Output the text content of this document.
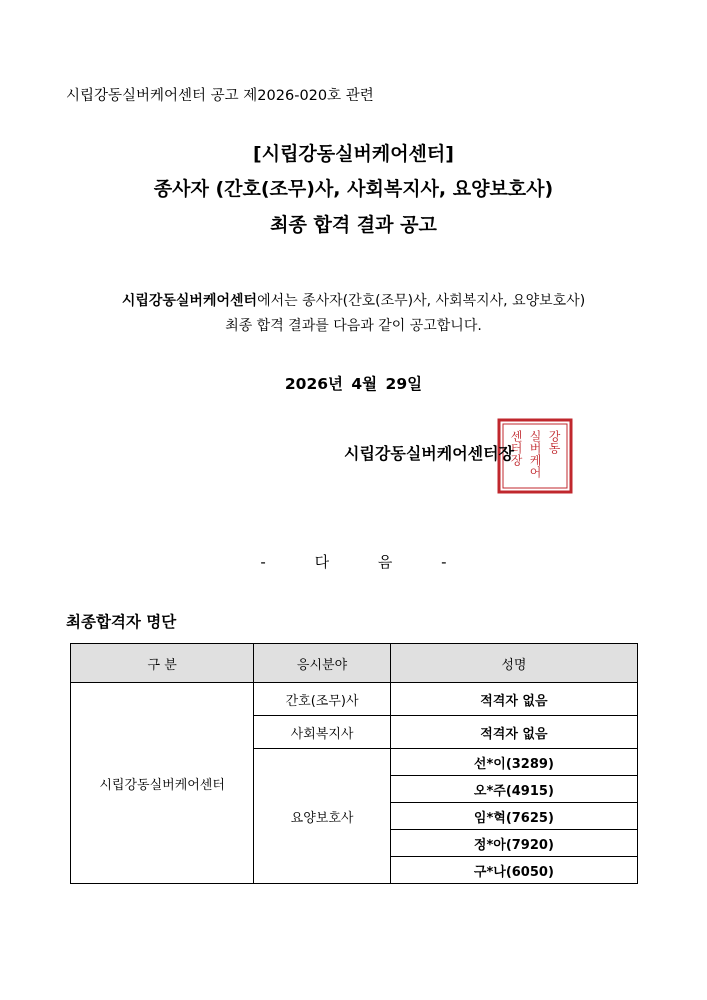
시립강동실버케어센터 공고 제2026-020호 관련
[시립강동실버케어센터]
종사자 (간호(조무)사, 사회복지사, 요양보호사)
최종 합격 결과 공고
시립강동실버케어센터에서는 종사자(간호(조무)사, 사회복지사, 요양보호사)
최종 합격 결과를 다음과 같이 공고합니다.
2026년 4월 29일
센터장 실버케어 강동
시립강동실버케어센터장
-	다	음	-
최종합격자 명단
구 분	응시분야	성명
시립강동실버케어센터	간호(조무)사	적격자 없음
	사회복지사	적격자 없음
	요양보호사	선*이(3289)
		오*주(4915)
		임*혁(7625)
		정*아(7920)
		구*나(6050)
